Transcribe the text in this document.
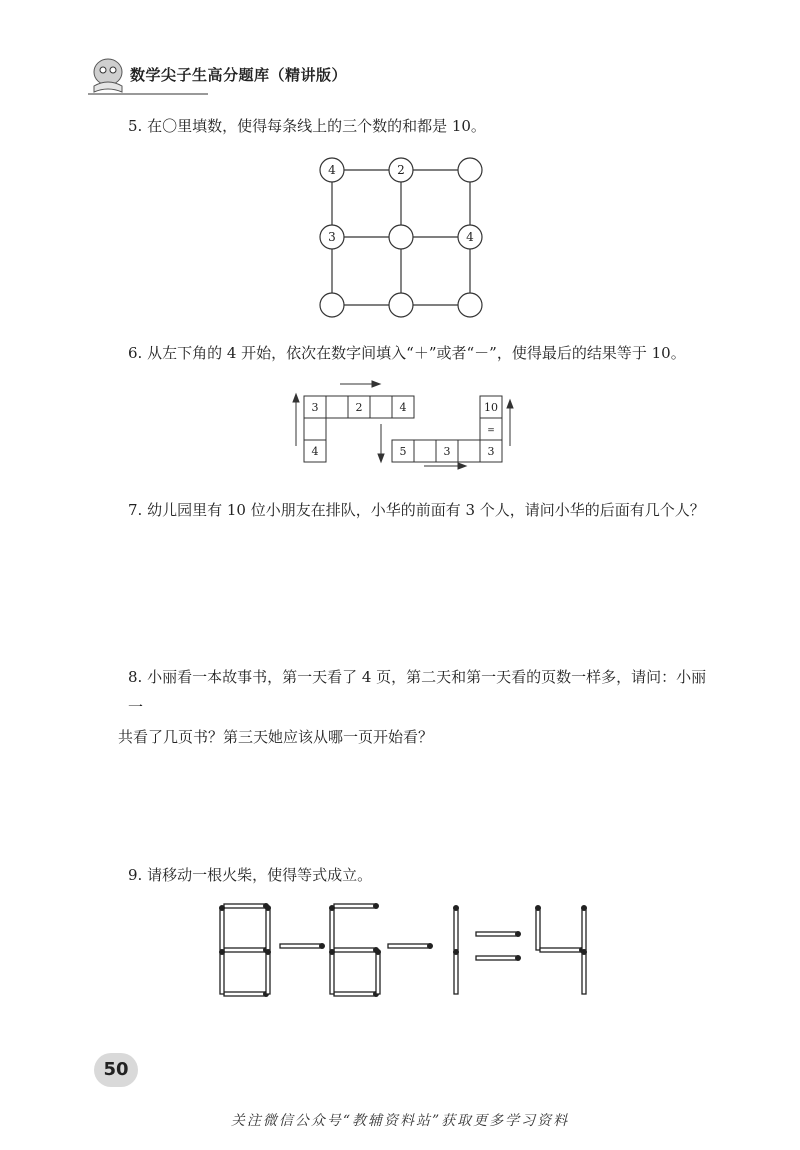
数学尖子生高分题库（精讲版）
5. 在〇里填数，使得每条线上的三个数的和都是 10。
4	2
3	4
6. 从左下角的 4 开始，依次在数字间填入“＋”或者“－”，使得最后的结果等于 10。
3	2	4
4	5	3	3
10
=
7. 幼儿园里有 10 位小朋友在排队，小华的前面有 3 个人，请问小华的后面有几个人？
8. 小丽看一本故事书，第一天看了 4 页，第二天和第一天看的页数一样多，请问：小丽一
共看了几页书？第三天她应该从哪一页开始看？
9. 请移动一根火柴，使得等式成立。
50
关注微信公众号“教辅资料站”获取更多学习资料
